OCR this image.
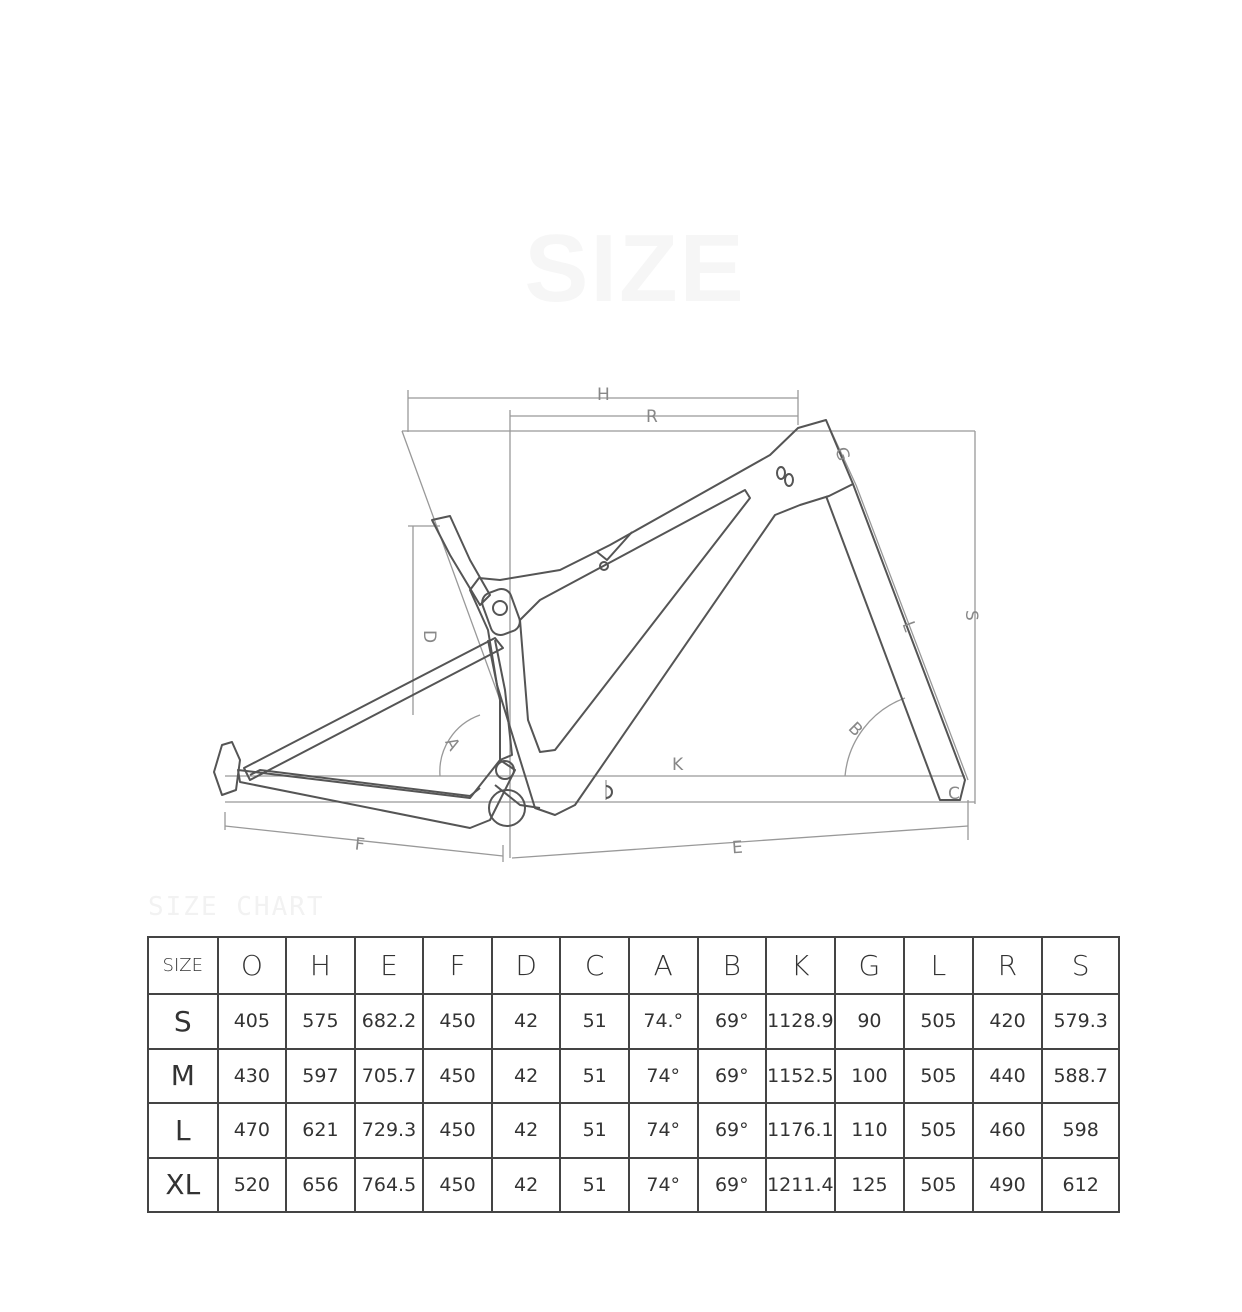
SIZE
SIZE CHART
H
R
G
S
L
D
A
B
K
C
F	E
SIZE	O	H	E	F	D	C	A	B	K	G	L	R	S
S	405	575	682.2	450	42	51	74.°	69°	1128.9	90	505	420	579.3
M	430	597	705.7	450	42	51	74°	69°	1152.5	100	505	440	588.7
L	470	621	729.3	450	42	51	74°	69°	1176.1	110	505	460	598
XL	520	656	764.5	450	42	51	74°	69°	1211.4	125	505	490	612
